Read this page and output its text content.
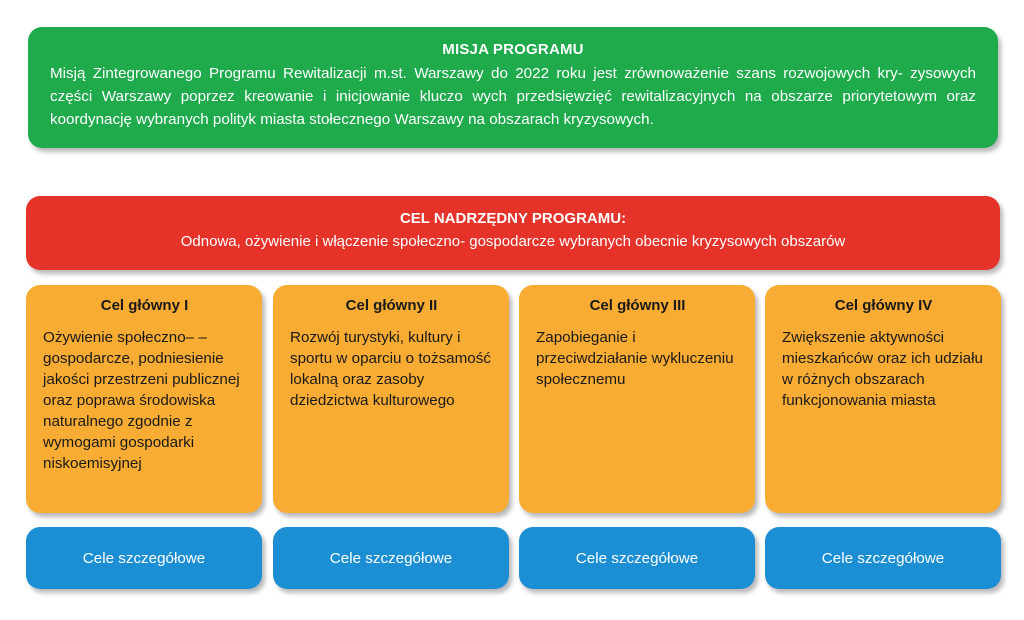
MISJA PROGRAMU
Misją Zintegrowanego Programu Rewitalizacji m.st. Warszawy do 2022 roku jest zrównoważenie szans rozwojowych kry- zysowych części Warszawy poprzez kreowanie i inicjowanie kluczo wych przedsięwzięć rewitalizacyjnych na obszarze priorytetowym oraz koordynację wybranych polityk miasta stołecznego Warszawy na obszarach kryzysowych.
CEL NADRZĘDNY PROGRAMU:
Odnowa, ożywienie i włączenie społeczno- gospodarcze wybranych obecnie kryzysowych obszarów
Cel główny I
Ożywienie społeczno– –gospodarcze, podniesienie jakości przestrzeni publicznej oraz poprawa środowiska naturalnego zgodnie z wymogami gospodarki niskoemisyjnej
Cel główny II
Rozwój turystyki, kultury i sportu w oparciu o tożsamość lokalną oraz zasoby dziedzictwa kulturowego
Cel główny III
Zapobieganie i przeciwdziałanie wykluczeniu społecznemu
Cel główny IV
Zwiększenie aktywności mieszkańców oraz ich udziału w różnych obszarach funkcjonowania miasta
Cele szczegółowe	Cele szczegółowe	Cele szczegółowe	Cele szczegółowe
